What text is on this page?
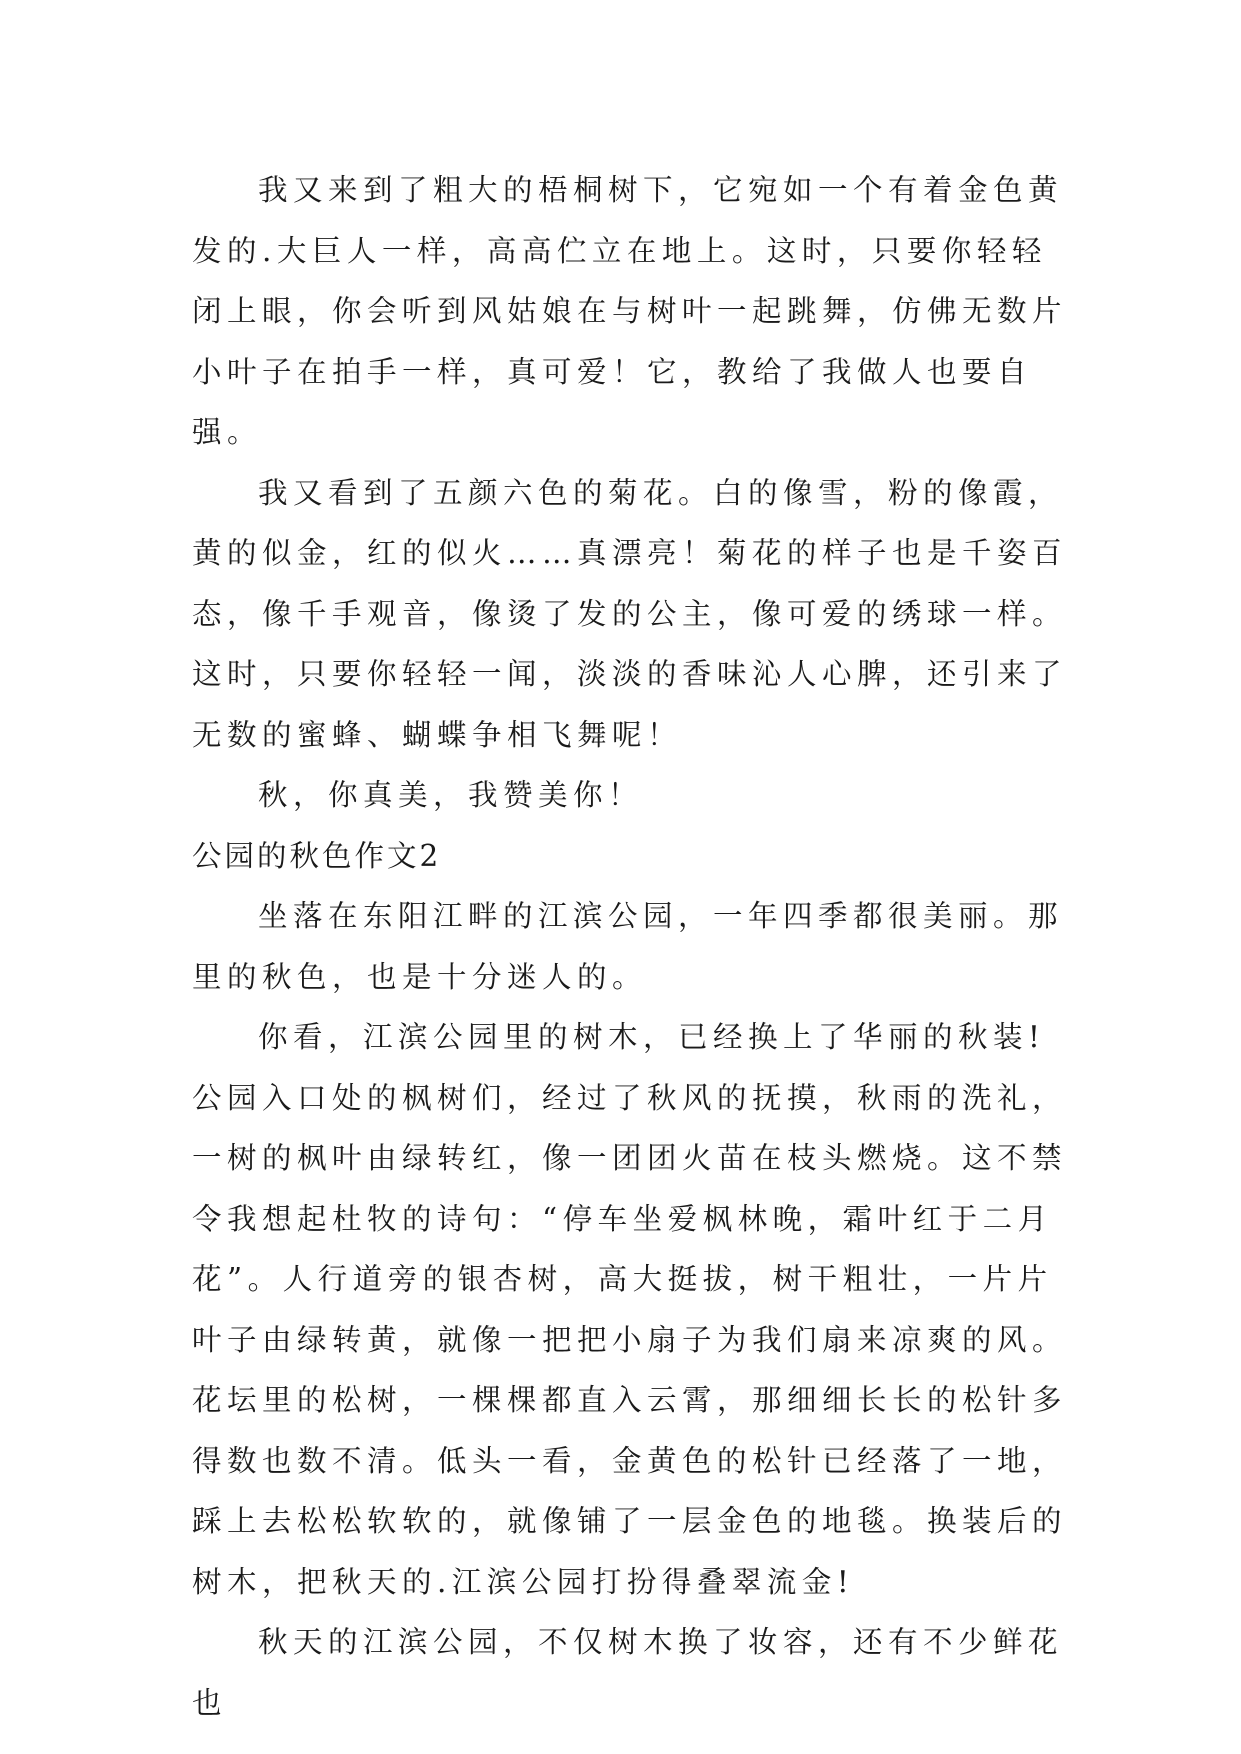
我又来到了粗大的梧桐树下，它宛如一个有着金色黄发的.大巨人一样，高高伫立在地上。这时，只要你轻轻闭上眼，你会听到风姑娘在与树叶一起跳舞，仿佛无数片小叶子在拍手一样，真可爱！它，教给了我做人也要自强。

我又看到了五颜六色的菊花。白的像雪，粉的像霞，黄的似金，红的似火……真漂亮！菊花的样子也是千姿百态，像千手观音，像烫了发的公主，像可爱的绣球一样。这时，只要你轻轻一闻，淡淡的香味沁人心脾，还引来了无数的蜜蜂、蝴蝶争相飞舞呢！

秋，你真美，我赞美你！

公园的秋色作文2

坐落在东阳江畔的江滨公园，一年四季都很美丽。那里的秋色，也是十分迷人的。

你看，江滨公园里的树木，已经换上了华丽的秋装!公园入口处的枫树们，经过了秋风的抚摸，秋雨的洗礼，一树的枫叶由绿转红，像一团团火苗在枝头燃烧。这不禁令我想起杜牧的诗句：“停车坐爱枫林晚，霜叶红于二月花”。人行道旁的银杏树，高大挺拔，树干粗壮，一片片叶子由绿转黄，就像一把把小扇子为我们扇来凉爽的风。花坛里的松树，一棵棵都直入云霄，那细细长长的松针多得数也数不清。低头一看，金黄色的松针已经落了一地，踩上去松松软软的，就像铺了一层金色的地毯。换装后的树木，把秋天的.江滨公园打扮得叠翠流金!

秋天的江滨公园，不仅树木换了妆容，还有不少鲜花也
